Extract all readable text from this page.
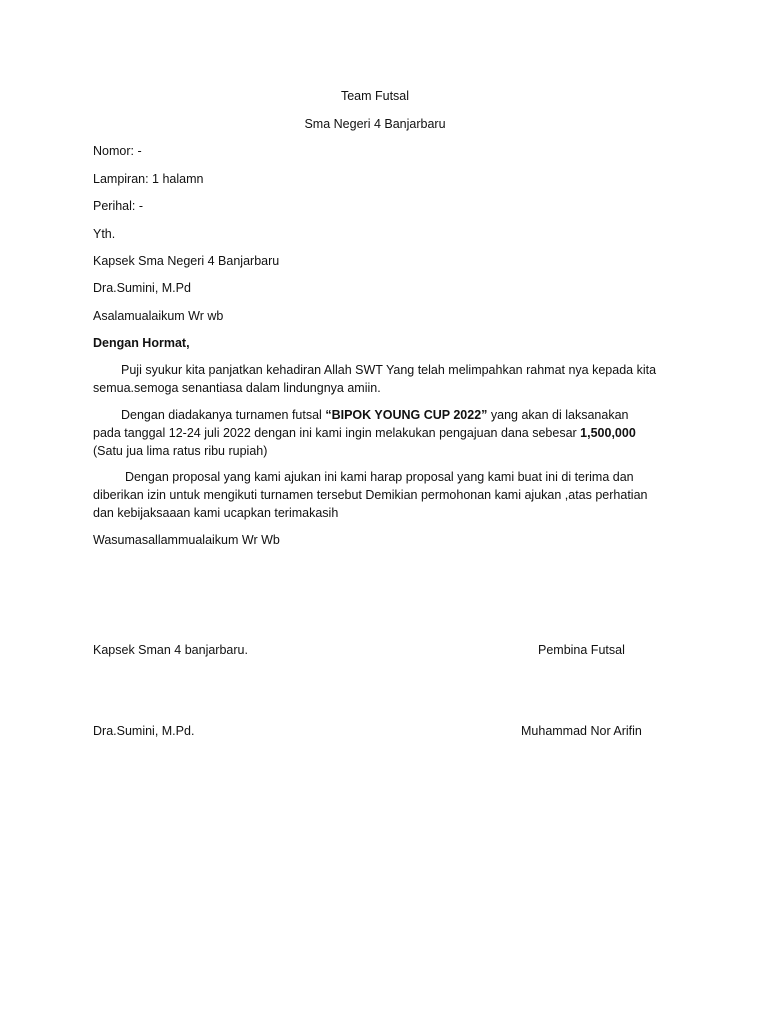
Team Futsal
Sma Negeri 4 Banjarbaru
Nomor: -
Lampiran: 1 halamn
Perihal: -
Yth.
Kapsek Sma Negeri 4 Banjarbaru
Dra.Sumini, M.Pd
Asalamualaikum Wr wb
Dengan Hormat,

Puji syukur kita panjatkan kehadiran Allah SWT Yang telah melimpahkan rahmat nya kepada kita semua.semoga senantiasa dalam lindungnya amiin.

Dengan diadakanya turnamen futsal “BIPOK YOUNG CUP 2022” yang akan di laksanakan pada tanggal 12-24 juli 2022 dengan ini kami ingin melakukan pengajuan dana sebesar 1,500,000 (Satu jua lima ratus ribu rupiah)

Dengan proposal yang kami ajukan ini kami harap proposal yang kami buat ini di terima dan diberikan izin untuk mengikuti turnamen tersebut Demikian permohonan kami ajukan ,atas perhatian dan kebijaksaaan kami ucapkan terimakasih

Wasumasallammualaikum Wr Wb
Kapsek Sman 4 banjarbaru.	Pembina Futsal
Dra.Sumini, M.Pd.	Muhammad Nor Arifin
